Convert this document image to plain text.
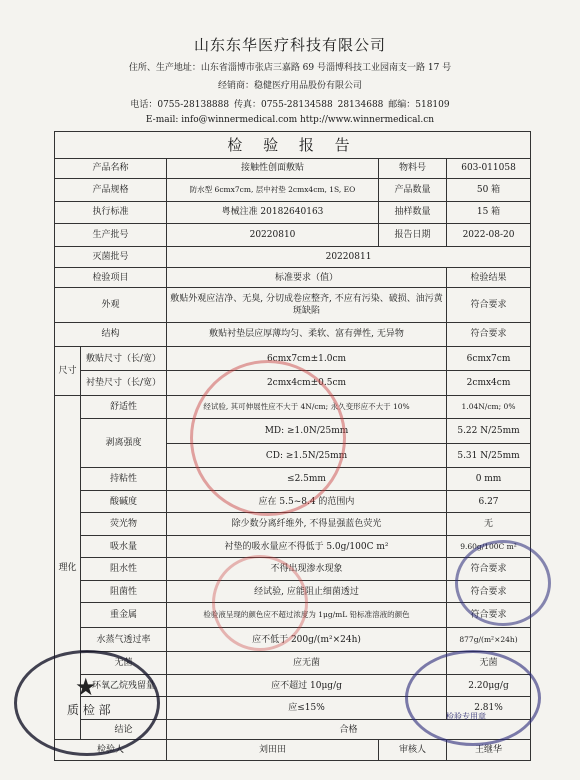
山东东华医疗科技有限公司
住所、生产地址：山东省淄博市张店三嘉路 69 号淄博科技工业园南支一路 17 号
经销商：稳健医疗用品股份有限公司
电话：0755-28138888 传真：0755-28134588 28134688 邮编：518109
E-mail: info@winnermedical.com http://www.winnermedical.cn
检 验 报 告				
产品名称		接触性创面敷贴	物料号	603-011058
产品规格		防水型 6cmx7cm, 层中衬垫 2cmx4cm, 1S, EO	产品数量	50 箱
执行标准		粤械注准 20182640163	抽样数量	15 箱
生产批号		20220810	报告日期	2022-08-20
灭菌批号		20220811		
检验项目		标准要求（值）		检验结果
外观		敷贴外观应洁净、无臭, 分切成卷应整齐, 不应有污染、破损、油污黄斑缺陷		符合要求
结构		敷贴衬垫层应厚薄均匀、柔软、富有弹性, 无异物		符合要求
尺寸	敷贴尺寸（长/宽）	6cmx7cm±1.0cm		6cmx7cm
	衬垫尺寸（长/宽）	2cmx4cm±0.5cm		2cmx4cm
理化	舒适性	经试验, 其可伸展性应不大于 4N/cm; 永久变形应不大于 10%		1.04N/cm; 0%
	剥离强度	MD: ≥1.0N/25mm		5.22 N/25mm
		CD: ≥1.5N/25mm		5.31 N/25mm
	持粘性	≤2.5mm		0 mm
	酸碱度	应在 5.5~8.4 的范围内		6.27
	荧光物	除少数分离纤维外, 不得显强蓝色荧光		无
	吸水量	衬垫的吸水量应不得低于 5.0g/100C m²		9.60g/100C m²
	阻水性	不得出现渗水现象		符合要求
	阻菌性	经试验, 应能阻止细菌透过		符合要求
	重金属	检验液呈现的颜色应不超过浓度为 1μg/mL 铅标准溶液的颜色		符合要求
	水蒸气透过率	应不低于 200g/(m²×24h)		877g/(m²×24h)
	无菌	应无菌		无菌
	环氧乙烷残留量	应不超过 10μg/g		2.20μg/g
		应≤15%		2.81%
	结论	合格		
检验人		刘田田	审核人	王继华
★
质 检 部	检验专用章
